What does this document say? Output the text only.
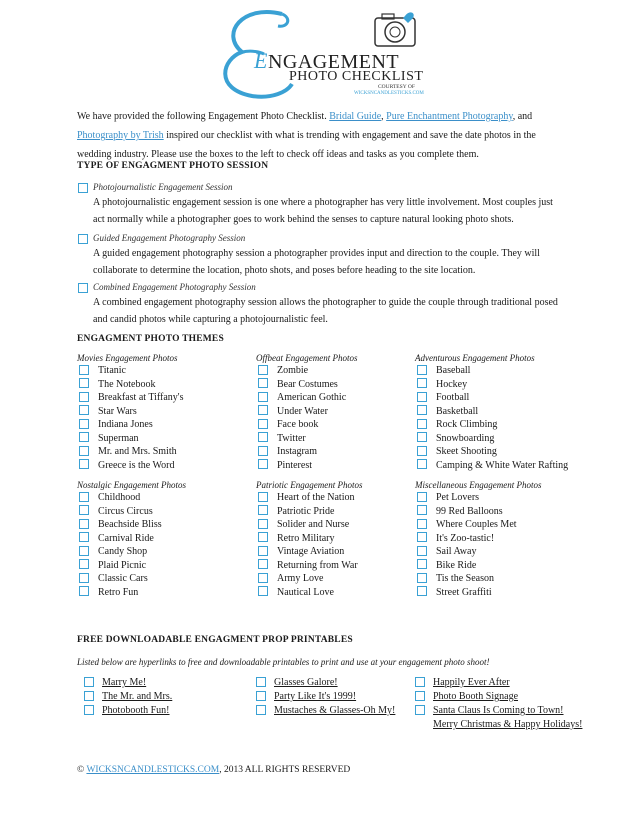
ENGAGEMENT
PHOTO CHECKLIST
COURTESY OF
WICKSNCANDLESTICKS.COM
We have provided the following Engagement Photo Checklist. Bridal Guide, Pure Enchantment Photography, and Photography by Trish inspired our checklist with what is trending with engagement and save the date photos in the wedding industry. Please use the boxes to the left to check off ideas and tasks as you complete them.
TYPE OF ENGAGMENT PHOTO SESSION
Photojournalistic Engagement Session
A photojournalistic engagement session is one where a photographer has very little involvement. Most couples just act normally while a photographer goes to work behind the senses to capture natural looking photo shots.
Guided Engagement Photography Session
A guided engagement photography session a photographer provides input and direction to the couple. They will collaborate to determine the location, photo shots, and poses before heading to the site location.
Combined Engagement Photography Session
A combined engagement photography session allows the photographer to guide the couple through traditional posed and candid photos while capturing a photojournalistic feel.
ENGAGMENT PHOTO THEMES
Movies Engagement Photos
Titanic
The Notebook
Breakfast at Tiffany's
Star Wars
Indiana Jones
Superman
Mr. and Mrs. Smith
Greece is the Word
Offbeat Engagement Photos
Zombie
Bear Costumes
American Gothic
Under Water
Face book
Twitter
Instagram
Pinterest
Adventurous Engagement Photos
Baseball
Hockey
Football
Basketball
Rock Climbing
Snowboarding
Skeet Shooting
Camping & White Water Rafting
Nostalgic Engagement Photos
Childhood
Circus Circus
Beachside Bliss
Carnival Ride
Candy Shop
Plaid Picnic
Classic Cars
Retro Fun
Patriotic Engagement Photos
Heart of the Nation
Patriotic Pride
Solider and Nurse
Retro Military
Vintage Aviation
Returning from War
Army Love
Nautical Love
Miscellaneous Engagement Photos
Pet Lovers
99 Red Balloons
Where Couples Met
It's Zoo-tastic!
Sail Away
Bike Ride
Tis the Season
Street Graffiti
FREE DOWNLOADABLE ENGAGMENT PROP PRINTABLES
Listed below are hyperlinks to free and downloadable printables to print and use at your engagement photo shoot!
Marry Me!
The Mr. and Mrs.
Photobooth Fun!
Glasses Galore!
Party Like It's 1999!
Mustaches & Glasses-Oh My!
Happily Ever After
Photo Booth Signage
Santa Claus Is Coming to Town!
Merry Christmas & Happy Holidays!
© WICKSNCANDLESTICKS.COM, 2013 ALL RIGHTS RESERVED
